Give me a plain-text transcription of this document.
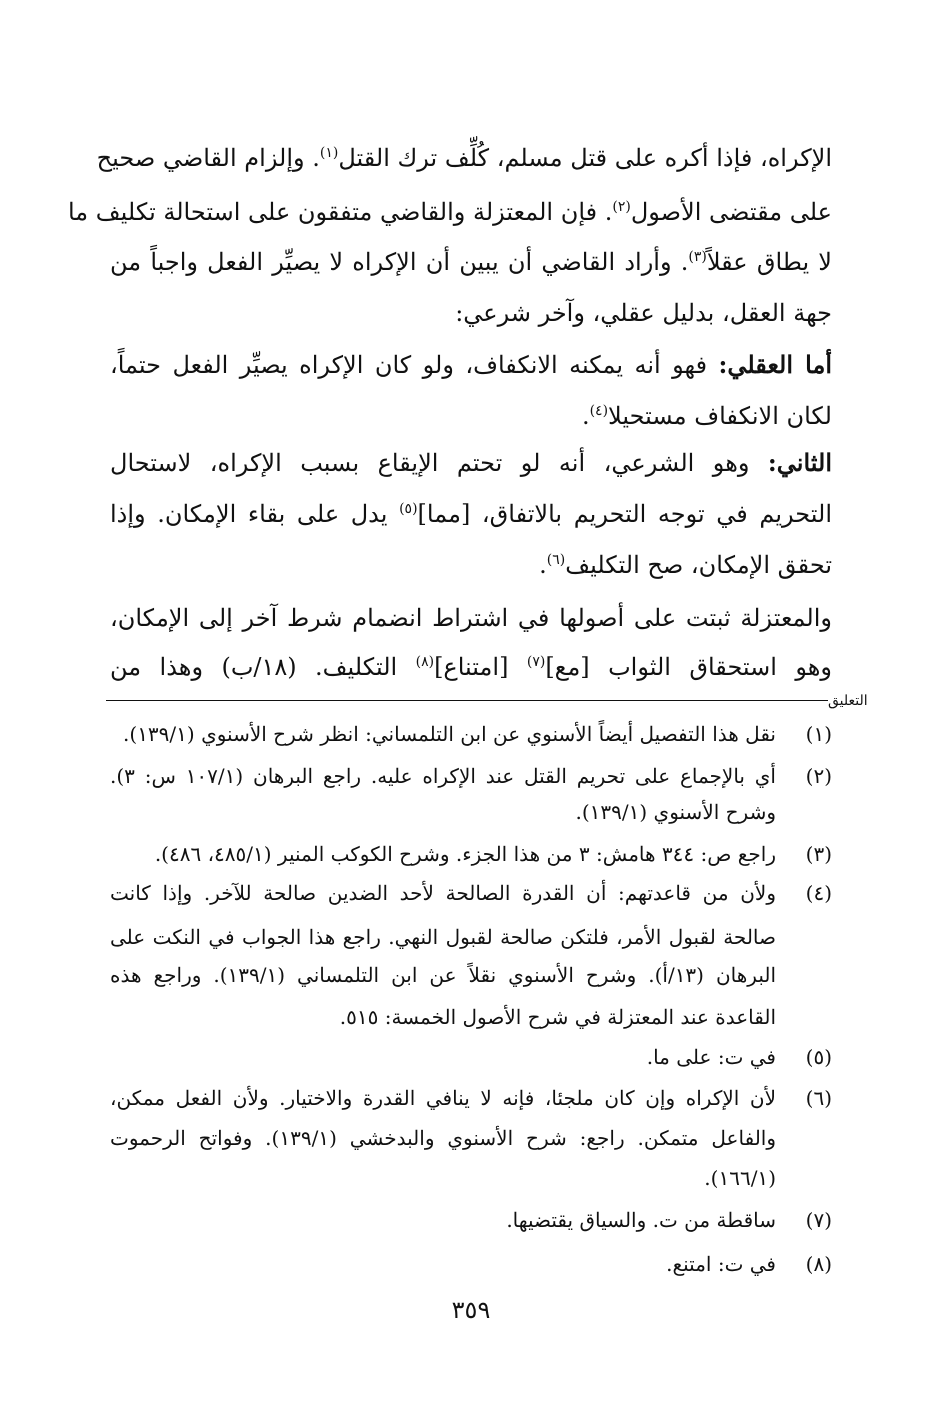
الإكراه، فإذا أكره على قتل مسلم، كُلِّف ترك القتل$^{(١)}$. وإلزام القاضي صحيح
على مقتضى الأصول$^{(٢)}$. فإن المعتزلة والقاضي متفقون على استحالة تكليف ما
لا يطاق عقلاً$^{(٣)}$. وأراد القاضي أن يبين أن الإكراه لا يصيِّر الفعل واجباً من
جهة العقل، بدليل عقلي، وآخر شرعي:
أما العقلي: فهو أنه يمكنه الانكفاف، ولو كان الإكراه يصيِّر الفعل حتماً،
لكان الانكفاف مستحيلا$^{(٤)}$.
الثاني: وهو الشرعي، أنه لو تحتم الإيقاع بسبب الإكراه، لاستحال
التحريم في توجه التحريم بالاتفاق، [مما]$^{(٥)}$ يدل على بقاء الإمكان. وإذا
تحقق الإمكان، صح التكليف$^{(٦)}$.
والمعتزلة ثبتت على أصولها في اشتراط انضمام شرط آخر إلى الإمكان،
وهو استحقاق الثواب [مع]$^{(٧)}$ [امتناع]$^{(٨)}$ التكليف. (١٨/ب) وهذا من
التعليق
(١)
نقل هذا التفصيل أيضاً الأسنوي عن ابن التلمساني: انظر شرح الأسنوي (١٣٩/١).
(٢)
أي بالإجماع على تحريم القتل عند الإكراه عليه. راجع البرهان (١٠٧/١ س: ٣).
وشرح الأسنوي (١٣٩/١).
(٣)
راجع ص: ٣٤٤ هامش: ٣ من هذا الجزء. وشرح الكوكب المنير (٤٨٥/١، ٤٨٦).
(٤)
ولأن من قاعدتهم: أن القدرة الصالحة لأحد الضدين صالحة للآخر. وإذا كانت
صالحة لقبول الأمر، فلتكن صالحة لقبول النهي. راجع هذا الجواب في النكت على
البرهان (١٣/أ). وشرح الأسنوي نقلاً عن ابن التلمساني (١٣٩/١). وراجع هذه
القاعدة عند المعتزلة في شرح الأصول الخمسة: ٥١٥.
(٥)
في ت: على ما.
(٦)
لأن الإكراه وإن كان ملجئا، فإنه لا ينافي القدرة والاختيار. ولأن الفعل ممكن،
والفاعل متمكن. راجع: شرح الأسنوي والبدخشي (١٣٩/١). وفواتح الرحموت
(١٦٦/١).
(٧)
ساقطة من ت. والسياق يقتضيها.
(٨)
في ت: امتنع.
٣٥٩
